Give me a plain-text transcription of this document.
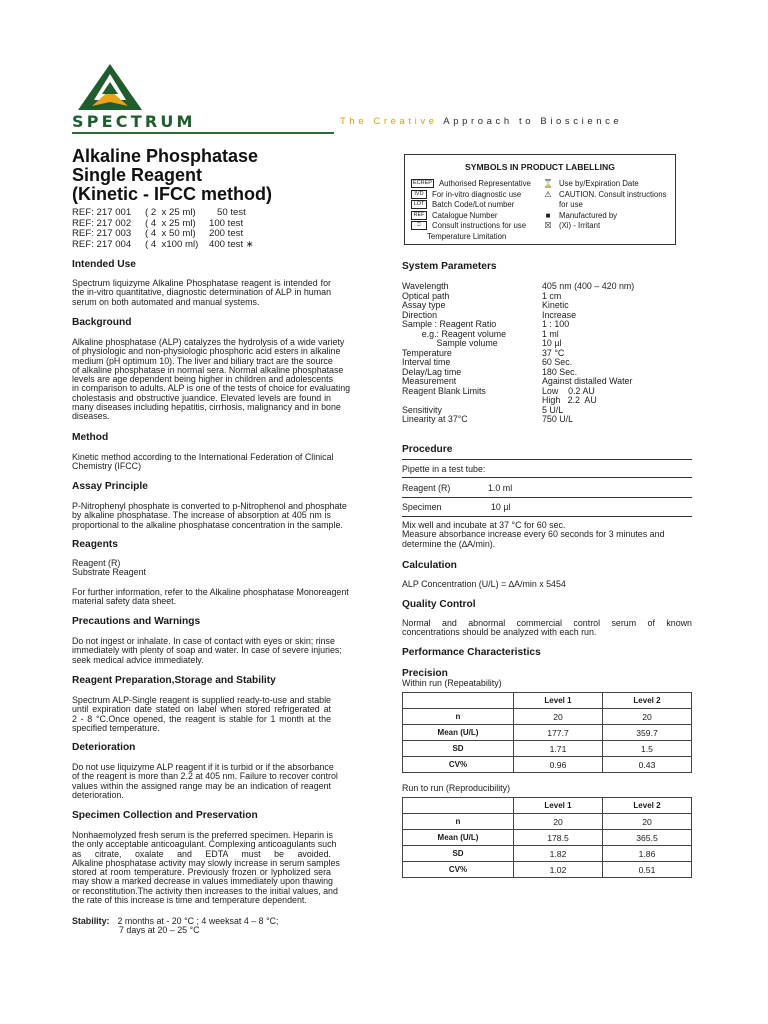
SPECTRUM	The Creative Approach to Bioscience
Alkaline Phosphatase
Single Reagent
(Kinetic - IFCC method)
REF: 217 001	( 2  x 25 ml)	50 test
REF: 217 002	( 4  x 25 ml)	100 test
REF: 217 003	( 4  x 50 ml)	200 test
REF: 217 004	( 4  x100 ml)	400 test ∗
SYMBOLS IN PRODUCT LABELLING
ECREP Authorised Representative
IVD	For in-vitro diagnostic use
LOT Batch Code/Lot number
REF Catalogue Number
⎕	Consult instructions for use
Temperature Limitation
⌛ Use by/Expiration Date
⚠ CAUTION. Consult instructions
for use
■	Manufactured by
☒ (Xi) - Irritant
Intended Use
Spectrum liquizyme Alkaline Phosphatase reagent is intended for
the in-vitro quantitative, diagnostic determination of ALP in human
serum on both automated and manual systems.
Background
Alkaline phosphatase (ALP) catalyzes the hydrolysis of a wide variety
of physiologic and non-physiologic phosphoric acid esters in alkaline
medium (pH optimum 10). The liver and biliary tract are the source
of alkaline phosphatase in normal sera. Normal alkaline phosphatase
levels are age dependent being higher in children and adolescents
in comparison to adults. ALP is one of the tests of choice for evaluating
cholestasis and obstructive juandice. Elevated levels are found in
many diseases including hepatitis, cirrhosis, malignancy and in bone
diseases.
Method
Kinetic method according to the International Federation of Clinical
Chemistry (IFCC)
Assay Principle
P-Nitrophenyl phosphate is converted to p-Nitrophenol and phosphate
by alkaline phosphatase. The increase of absorption at 405 nm is
proportional to the alkaline phosphatase concentration in the sample.
Reagents
Reagent (R)
Substrate Reagent
For further information, refer to the Alkaline phosphatase Monoreagent
material safety data sheet.
Precautions and Warnings
Do not ingest or inhalate. In case of contact with eyes or skin; rinse
immediately with plenty of soap and water. In case of severe injuries;
seek medical advice immediately.
Reagent Preparation,Storage and Stability
Spectrum ALP-Single reagent is supplied ready-to-use and stable
until expiration date stated on label when stored refrigerated at
2 - 8 °C.Once opened, the reagent is stable for 1 month at the
specified temperature.
Deterioration
Do not use liquizyme ALP reagent if it is turbid or if the absorbance
of the reagent is more than 2.2 at 405 nm. Failure to recover control
values within the assigned range may be an indication of reagent
deterioration.
Specimen Collection and Preservation
Nonhaemolyzed fresh serum is the preferred specimen. Heparin is
the only acceptable anticoagulant. Complexing anticoagulants such
as citrate, oxalate and EDTA must be avoided.
Alkaline phosphatase activity may slowly increase in serum samples
stored at room temperature. Previously frozen or lypholized sera
may show a marked decrease in values immediately upon thawing
or reconstitution.The activity then increases to the initial values, and
the rate of this increase is time and temperature dependent.
Stability: 2 months at - 20 °C ; 4 weeksat 4 – 8 °C;
7 days at 20 – 25 °C
System Parameters
Wavelength	405 nm (400 – 420 nm)
Optical path	1 cm
Assay type	Kinetic
Direction	Increase
Sample : Reagent Ratio	1 : 100
e.g.: Reagent volume	1 ml
Sample volume	10 µl
Temperature	37 °C
Interval time	60 Sec.
Delay/Lag time	180 Sec.
Measurement	Against distalled Water
Reagent Blank Limits	Low    0.2 AU
High   2.2  AU
Sensitivity	5 U/L
Linearity at 37°C	750 U/L
Procedure
Pipette in a test tube:
Reagent (R)	1.0 ml
Specimen	10 µl
Mix well and incubate at 37 °C for 60 sec.
Measure absorbance increase every 60 seconds for 3 minutes and
determine the (∆A/min).
Calculation
ALP Concentration (U/L) = ∆A/min x 5454
Quality Control
Normal and abnormal commercial control serum of known
concentrations should be analyzed with each run.
Performance Characteristics
Precision
Within run (Repeatability)
	Level 1	Level 2
n	20	20
Mean (U/L)	177.7	359.7
SD	1.71	1.5
CV%	0.96	0.43
Run to run (Reproducibility)
	Level 1	Level 2
n	20	20
Mean (U/L)	178.5	365.5
SD	1.82	1.86
CV%	1.02	0.51
